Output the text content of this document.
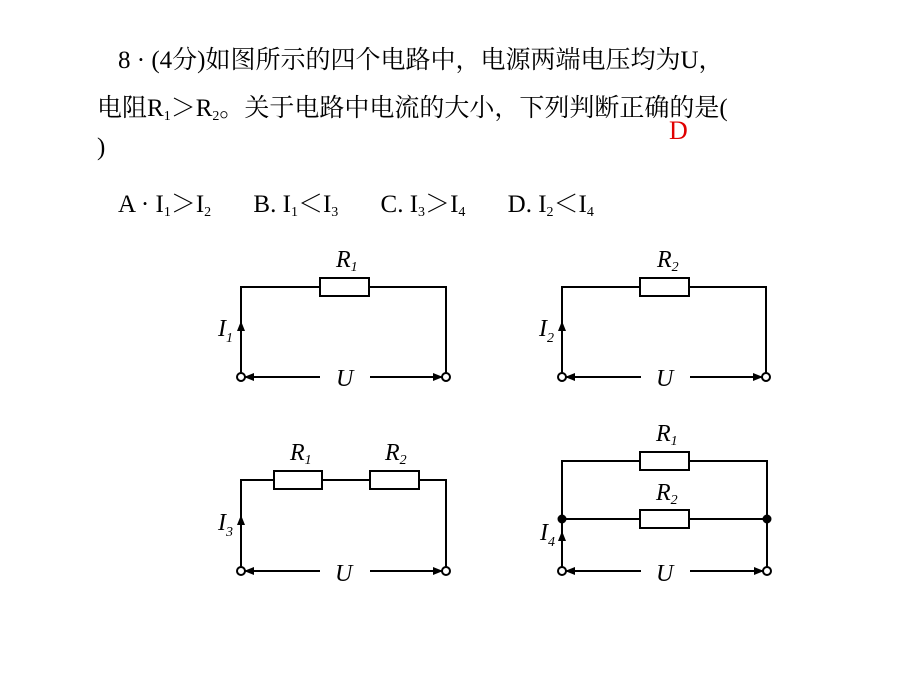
8 · (4分)如图所示的四个电路中，电源两端电压均为U，
电阻$R_1>R_2$。关于电路中电流的大小，下列判断正确的是(
D
)
$A \cdot I_1>I_2$ B. $I_1<I_3$ C. $I_3>I_4$ D. $I_2<I_4$
R1
$I_1$
U
R2
$I_2$
U
R1	R2
$I_3$
U
R1
R2
$I_4$
U
